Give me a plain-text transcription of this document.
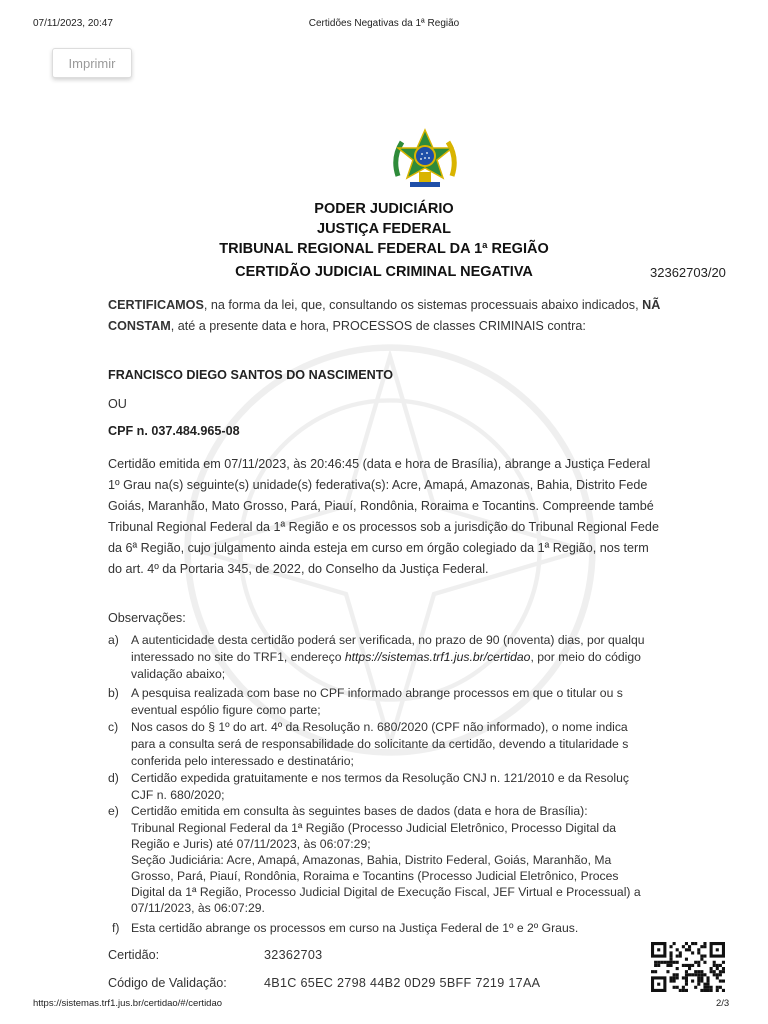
07/11/2023, 20:47	Certidões Negativas da 1ª Região
Imprimir
PODER JUDICIÁRIO
JUSTIÇA FEDERAL
TRIBUNAL REGIONAL FEDERAL DA 1ª REGIÃO
CERTIDÃO JUDICIAL CRIMINAL NEGATIVA	32362703/20
CERTIFICAMOS, na forma da lei, que, consultando os sistemas processuais abaixo indicados, NÃ
CONSTAM, até a presente data e hora, PROCESSOS de classes CRIMINAIS contra:
FRANCISCO DIEGO SANTOS DO NASCIMENTO
OU
CPF n. 037.484.965-08
Certidão emitida em 07/11/2023, às 20:46:45 (data e hora de Brasília), abrange a Justiça Federal
1º Grau na(s) seguinte(s) unidade(s) federativa(s): Acre, Amapá, Amazonas, Bahia, Distrito Fede
Goiás, Maranhão, Mato Grosso, Pará, Piauí, Rondônia, Roraima e Tocantins. Compreende també
Tribunal Regional Federal da 1ª Região e os processos sob a jurisdição do Tribunal Regional Fede
da 6ª Região, cujo julgamento ainda esteja em curso em órgão colegiado da 1ª Região, nos term
do art. 4º da Portaria 345, de 2022, do Conselho da Justiça Federal.
Observações:
a) A autenticidade desta certidão poderá ser verificada, no prazo de 90 (noventa) dias, por qualqu
interessado no site do TRF1, endereço https://sistemas.trf1.jus.br/certidao, por meio do código
validação abaixo;
b) A pesquisa realizada com base no CPF informado abrange processos em que o titular ou s
eventual espólio figure como parte;
c) Nos casos do § 1º do art. 4º da Resolução n. 680/2020 (CPF não informado), o nome indica
para a consulta será de responsabilidade do solicitante da certidão, devendo a titularidade s
conferida pelo interessado e destinatário;
d) Certidão expedida gratuitamente e nos termos da Resolução CNJ n. 121/2010 e da Resoluç
CJF n. 680/2020;
e) Certidão emitida em consulta às seguintes bases de dados (data e hora de Brasília):
Tribunal Regional Federal da 1ª Região (Processo Judicial Eletrônico, Processo Digital da
Região e Juris) até 07/11/2023, às 06:07:29;
Seção Judiciária: Acre, Amapá, Amazonas, Bahia, Distrito Federal, Goiás, Maranhão, Ma
Grosso, Pará, Piauí, Rondônia, Roraima e Tocantins (Processo Judicial Eletrônico, Proces
Digital da 1ª Região, Processo Judicial Digital de Execução Fiscal, JEF Virtual e Processual) a
07/11/2023, às 06:07:29.
f) Esta certidão abrange os processos em curso na Justiça Federal de 1º e 2º Graus.
Certidão:	32362703
Código de Validação:	4B1C 65EC 2798 44B2 0D29 5BFF 7219 17AA
https://sistemas.trf1.jus.br/certidao/#/certidao	2/3
